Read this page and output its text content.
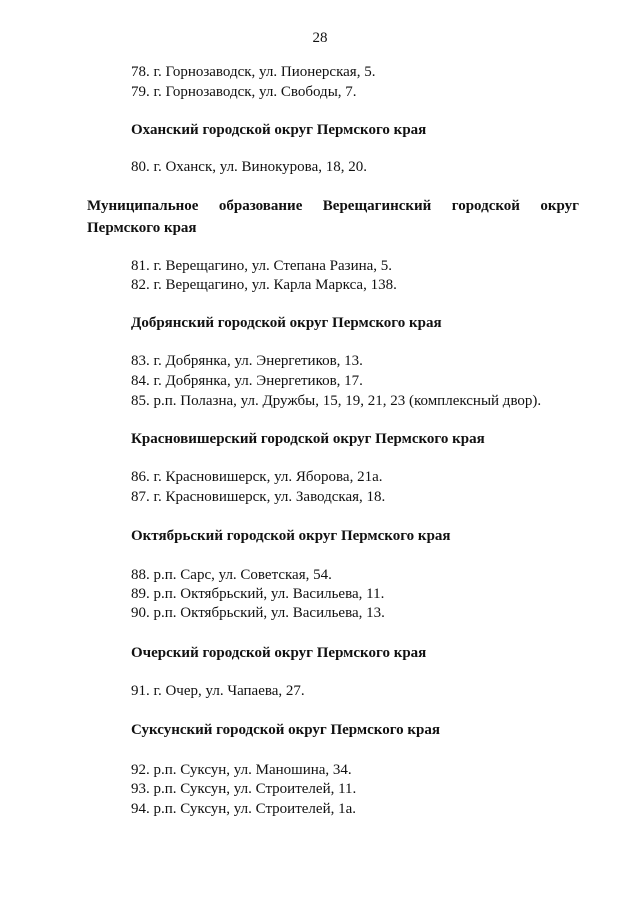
28
78. г. Горнозаводск, ул. Пионерская, 5.
79. г. Горнозаводск, ул. Свободы, 7.
Оханский городской округ Пермского края
80. г. Оханск, ул. Винокурова, 18, 20.
Муниципальное образование Верещагинский городской округ Пермского края
81. г. Верещагино, ул. Степана Разина, 5.
82. г. Верещагино, ул. Карла Маркса, 138.
Добрянский городской округ Пермского края
83. г. Добрянка, ул. Энергетиков, 13.
84. г. Добрянка, ул. Энергетиков, 17.
85. р.п. Полазна, ул. Дружбы, 15, 19, 21, 23 (комплексный двор).
Красновишерский городской округ Пермского края
86. г. Красновишерск, ул. Яборова, 21а.
87. г. Красновишерск, ул. Заводская, 18.
Октябрьский городской округ Пермского края
88. р.п. Сарс, ул. Советская, 54.
89. р.п. Октябрьский, ул. Васильева, 11.
90. р.п. Октябрьский, ул. Васильева, 13.
Очерский городской округ Пермского края
91. г. Очер, ул. Чапаева, 27.
Суксунский городской округ Пермского края
92. р.п. Суксун, ул. Маношина, 34.
93. р.п. Суксун, ул. Строителей, 11.
94. р.п. Суксун, ул. Строителей, 1а.
